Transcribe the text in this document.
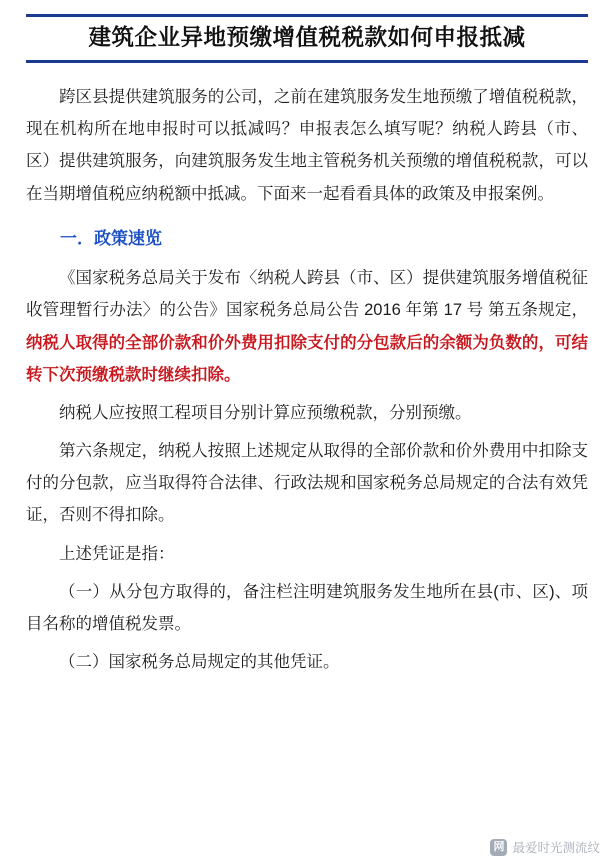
建筑企业异地预缴增值税税款如何申报抵减

跨区县提供建筑服务的公司，之前在建筑服务发生地预缴了增值税税款，现在机构所在地申报时可以抵减吗？申报表怎么填写呢？纳税人跨县（市、区）提供建筑服务，向建筑服务发生地主管税务机关预缴的增值税税款，可以在当期增值税应纳税额中抵减。下面来一起看看具体的政策及申报案例。

一．政策速览

《国家税务总局关于发布〈纳税人跨县（市、区）提供建筑服务增值税征收管理暂行办法〉的公告》国家税务总局公告 2016 年第 17 号 第五条规定，纳税人取得的全部价款和价外费用扣除支付的分包款后的余额为负数的，可结转下次预缴税款时继续扣除。

纳税人应按照工程项目分别计算应预缴税款，分别预缴。

第六条规定，纳税人按照上述规定从取得的全部价款和价外费用中扣除支付的分包款，应当取得符合法律、行政法规和国家税务总局规定的合法有效凭证，否则不得扣除。

上述凭证是指：

（一）从分包方取得的，备注栏注明建筑服务发生地所在县(市、区)、项目名称的增值税发票。

（二）国家税务总局规定的其他凭证。

网 最爱时光测流纹
